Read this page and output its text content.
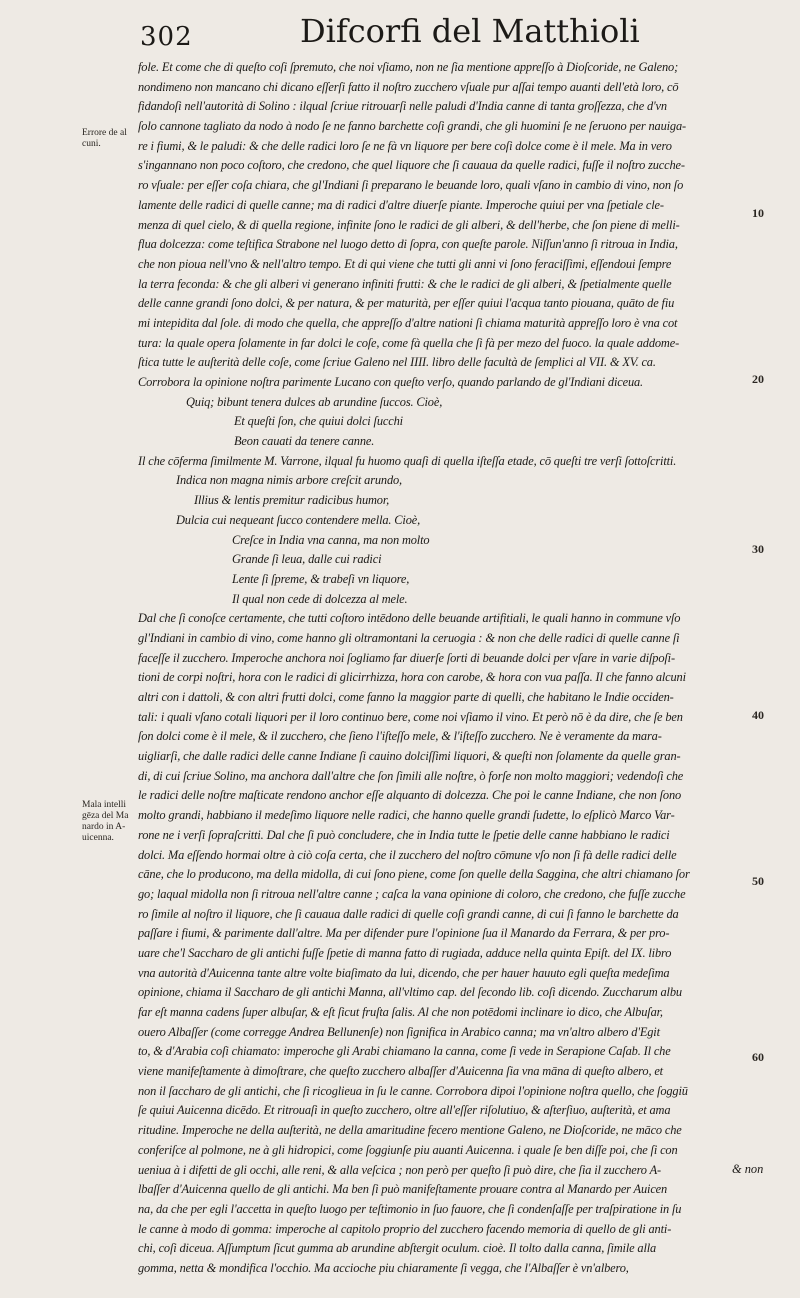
302	Difcorfi del Matthioli
fole. Et come che di queſto coſi ſpremuto, che noi vſiamo, non ne ſia mentione appreſſo à Dioſcoride, ne Galeno;
nondimeno non mancano chi dicano eſſerſi fatto il noſtro zucchero vſuale pur aſſai tempo auanti dell'età loro, cō
fidandoſi nell'autorità di Solino : ilqual ſcriue ritrouarſi nelle paludi d'India canne di tanta groſſezza, che d'vn
ſolo cannone tagliato da nodo à nodo ſe ne fanno barchette coſi grandi, che gli huomini ſe ne ſeruono per nauiga-
re i fiumi, & le paludi: & che delle radici loro ſe ne fà vn liquore per bere coſi dolce come è il mele. Ma in vero
s'ingannano non poco coſtoro, che credono, che quel liquore che ſi cauaua da quelle radici, fuſſe il noſtro zucche-
ro vſuale: per eſſer coſa chiara, che gl'Indiani ſi preparano le beuande loro, quali vſano in cambio di vino, non ſo
lamente delle radici di quelle canne; ma di radici d'altre diuerſe piante. Imperoche quiui per vna ſpetiale cle-
menza di quel cielo, & di quella regione, infinite ſono le radici de gli alberi, & dell'herbe, che ſon piene di melli-
flua dolcezza: come teſtifica Strabone nel luogo detto di ſopra, con queſte parole. Niſſun'anno ſi ritroua in India,
che non pioua nell'vno & nell'altro tempo. Et di qui viene che tutti gli anni vi ſono feraciſſimi, eſſendoui ſempre
la terra feconda: & che gli alberi vi generano infiniti frutti: & che le radici de gli alberi, & ſpetialmente quelle
delle canne grandi ſono dolci, & per natura, & per maturità, per eſſer quiui l'acqua tanto piouana, quāto de fiu
mi intepidita dal ſole. di modo che quella, che appreſſo d'altre nationi ſi chiama maturità appreſſo loro è vna cot
tura: la quale opera ſolamente in far dolci le coſe, come fà quella che ſi fà per mezo del fuoco. la quale addome-
ſtica tutte le auſterità delle coſe, come ſcriue Galeno nel IIII. libro delle facultà de ſemplici al VII. & XV. ca.
Corrobora la opinione noſtra parimente Lucano con queſto verſo, quando parlando de gl'Indiani diceua.
Quiq; bibunt tenera dulces ab arundine ſuccos. Cioè,
Et queſti ſon, che quiui dolci ſucchi
Beon cauati da tenere canne.
Il che cōferma ſimilmente M. Varrone, ilqual fu huomo quaſi di quella iſteſſa etade, cō queſti tre verſi ſottoſcritti.
Indica non magna nimis arbore creſcit arundo,
Illius & lentis premitur radicibus humor,
Dulcia cui nequeant ſucco contendere mella. Cioè,
Creſce in India vna canna, ma non molto
Grande ſi leua, dalle cui radici
Lente ſi ſpreme, & trabeſi vn liquore,
Il qual non cede di dolcezza al mele.
Dal che ſi conoſce certamente, che tutti coſtoro intēdono delle beuande artifitiali, le quali hanno in commune vſo
gl'Indiani in cambio di vino, come hanno gli oltramontani la ceruogia : & non che delle radici di quelle canne ſi
faceſſe il zucchero. Imperoche anchora noi ſogliamo far diuerſe ſorti di beuande dolci per vſare in varie diſpoſi-
tioni de corpi noſtri, hora con le radici di glicirrhizza, hora con carobe, & hora con vua paſſa. Il che fanno alcuni
altri con i dattoli, & con altri frutti dolci, come fanno la maggior parte di quelli, che habitano le Indie occiden-
tali: i quali vſano cotali liquori per il loro continuo bere, come noi vſiamo il vino. Et però nō è da dire, che ſe ben
ſon dolci come è il mele, & il zucchero, che ſieno l'iſteſſo mele, & l'iſteſſo zucchero. Ne è veramente da mara-
uigliarſi, che dalle radici delle canne Indiane ſi cauino dolciſſimi liquori, & queſti non ſolamente da quelle gran-
di, di cui ſcriue Solino, ma anchora dall'altre che ſon ſimili alle noſtre, ò forſe non molto maggiori; vedendoſi che
le radici delle noſtre maſticate rendono anchor eſſe alquanto di dolcezza. Che poi le canne Indiane, che non ſono
molto grandi, habbiano il medeſimo liquore nelle radici, che hanno quelle grandi ſudette, lo eſplicò Marco Var-
rone ne i verſi ſopraſcritti. Dal che ſi può concludere, che in India tutte le ſpetie delle canne habbiano le radici
dolci. Ma eſſendo hormai oltre à ciò coſa certa, che il zucchero del noſtro cōmune vſo non ſi fà delle radici delle
cāne, che lo producono, ma della midolla, di cui ſono piene, come ſon quelle della Saggina, che altri chiamano ſor
go; laqual midolla non ſi ritroua nell'altre canne ; caſca la vana opinione di coloro, che credono, che fuſſe zucche
ro ſimile al noſtro il liquore, che ſi cauaua dalle radici di quelle coſi grandi canne, di cui ſi fanno le barchette da
paſſare i fiumi, & parimente dall'altre. Ma per difender pure l'opinione ſua il Manardo da Ferrara, & per pro-
uare che'l Saccharo de gli antichi fuſſe ſpetie di manna fatto di rugiada, adduce nella quinta Epiſt. del IX. libro
vna autorità d'Auicenna tante altre volte biaſimato da lui, dicendo, che per hauer hauuto egli queſta medeſima
opinione, chiama il Saccharo de gli antichi Manna, all'vltimo cap. del ſecondo lib. coſi dicendo. Zuccharum albu
far eſt manna cadens ſuper albuſar, & eſt ſicut fruſta ſalis. Al che non potēdomi inclinare io dico, che Albuſar,
ouero Albaſſer (come corregge Andrea Bellunenſe) non ſignifica in Arabico canna; ma vn'altro albero d'Egit
to, & d'Arabia coſi chiamato: imperoche gli Arabi chiamano la canna, come ſi vede in Serapione Caſab. Il che
viene manifeſtamente à dimoſtrare, che queſto zucchero albaſſer d'Auicenna ſia vna māna di queſto albero, et
non il ſaccharo de gli antichi, che ſi ricoglieua in ſu le canne. Corrobora dipoi l'opinione noſtra quello, che ſoggiū
ſe quiui Auicenna dicēdo. Et ritrouaſi in queſto zucchero, oltre all'eſſer riſolutiuo, & aſterſiuo, auſterità, et ama
ritudine. Imperoche ne della auſterità, ne della amaritudine fecero mentione Galeno, ne Dioſcoride, ne māco che
conferiſce al polmone, ne à gli hidropici, come ſoggiunſe piu auanti Auicenna. i quale ſe ben diſſe poi, che ſi con
ueniua à i difetti de gli occhi, alle reni, & alla veſcica ; non però per queſto ſi può dire, che ſia il zucchero A-
lbaſſer d'Auicenna quello de gli antichi. Ma ben ſi può manifeſtamente prouare contra al Manardo per Auicen
na, da che per egli l'accetta in queſto luogo per teſtimonio in ſuo fauore, che ſi condenſaſſe per traſpiratione in ſu
le canne à modo di gomma: imperoche al capitolo proprio del zucchero facendo memoria di quello de gli anti-
chi, coſi diceua. Aſſumptum ſicut gumma ab arundine abſtergit oculum. cioè. Il tolto dalla canna, ſimile alla
gomma, netta & mondifica l'occhio. Ma accioche piu chiaramente ſi vegga, che l'Albaſſer è vn'albero,
Errore de al
cuni.
Mala intelli
gēza del Ma
nardo in A-
uicenna.
10
20
30
40
50
60
& non
